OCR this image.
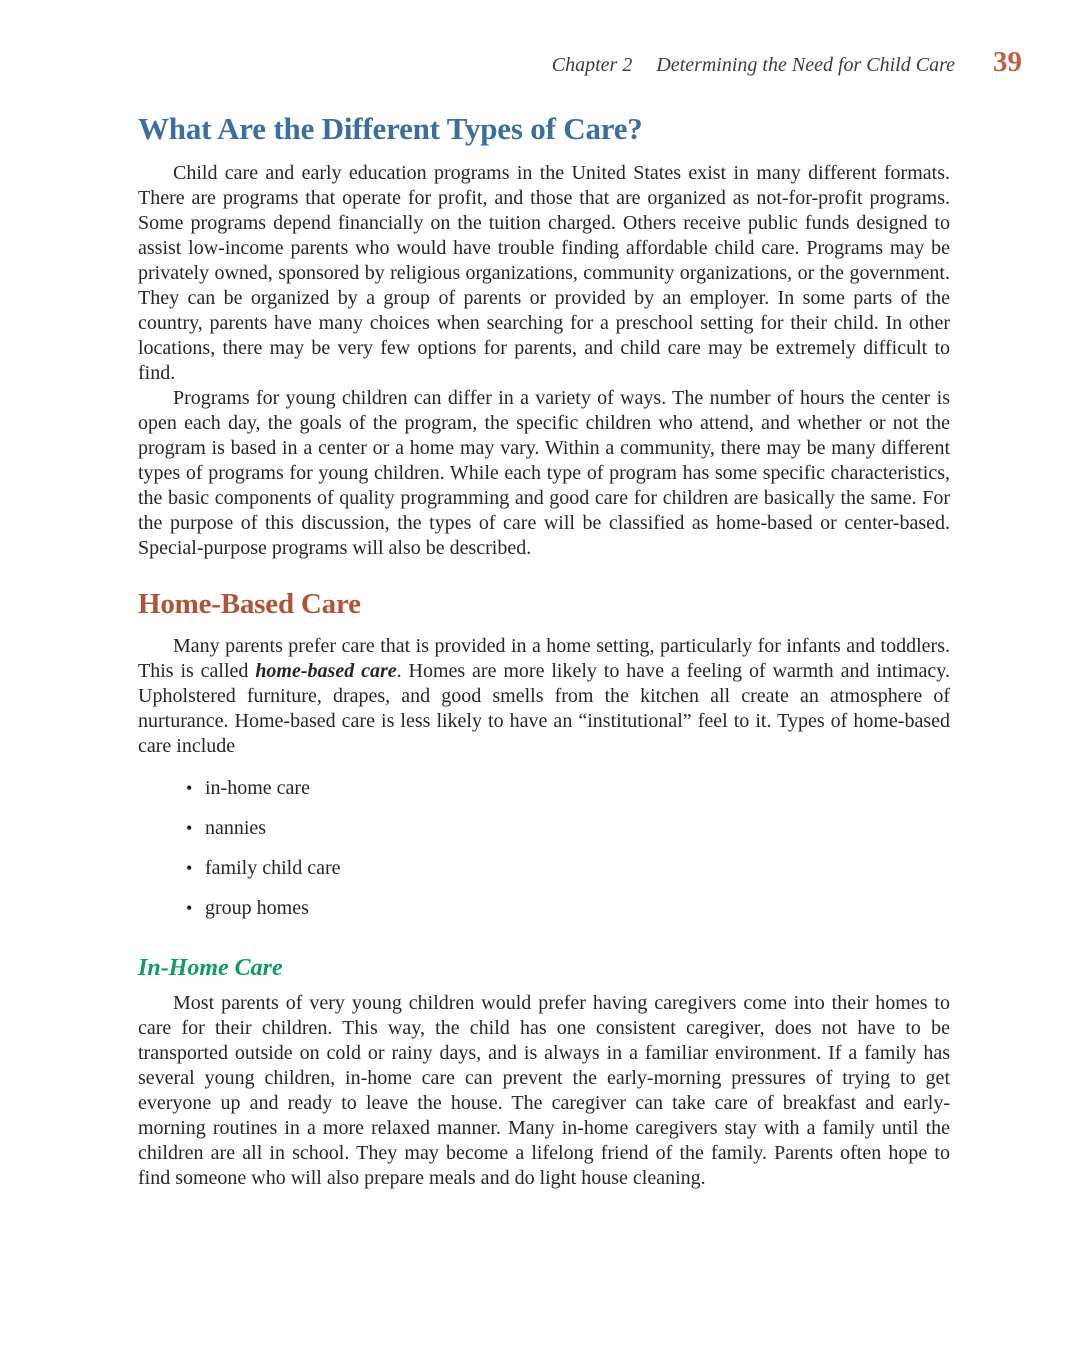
Chapter 2 Determining the Need for Child Care 39
What Are the Different Types of Care?

Child care and early education programs in the United States exist in many different formats. There are programs that operate for profit, and those that are organized as not-for-profit programs. Some programs depend financially on the tuition charged. Others receive public funds designed to assist low-income parents who would have trouble finding affordable child care. Programs may be privately owned, sponsored by religious organizations, community organizations, or the government. They can be organized by a group of parents or provided by an employer. In some parts of the country, parents have many choices when searching for a preschool setting for their child. In other locations, there may be very few options for parents, and child care may be extremely difficult to find.

Programs for young children can differ in a variety of ways. The number of hours the center is open each day, the goals of the program, the specific children who attend, and whether or not the program is based in a center or a home may vary. Within a community, there may be many different types of programs for young children. While each type of program has some specific characteristics, the basic components of quality programming and good care for children are basically the same. For the purpose of this discussion, the types of care will be classified as home-based or center-based. Special-purpose programs will also be described.

Home-Based Care

Many parents prefer care that is provided in a home setting, particularly for infants and toddlers. This is called home-based care. Homes are more likely to have a feeling of warmth and intimacy. Upholstered furniture, drapes, and good smells from the kitchen all create an atmosphere of nurturance. Home-based care is less likely to have an “institutional” feel to it. Types of home-based care include

• in-home care
• nannies
• family child care
• group homes
In-Home Care

Most parents of very young children would prefer having caregivers come into their homes to care for their children. This way, the child has one consistent caregiver, does not have to be transported outside on cold or rainy days, and is always in a familiar environment. If a family has several young children, in-home care can prevent the early-morning pressures of trying to get everyone up and ready to leave the house. The caregiver can take care of breakfast and early-morning routines in a more relaxed manner. Many in-home caregivers stay with a family until the children are all in school. They may become a lifelong friend of the family. Parents often hope to find someone who will also prepare meals and do light house cleaning.
